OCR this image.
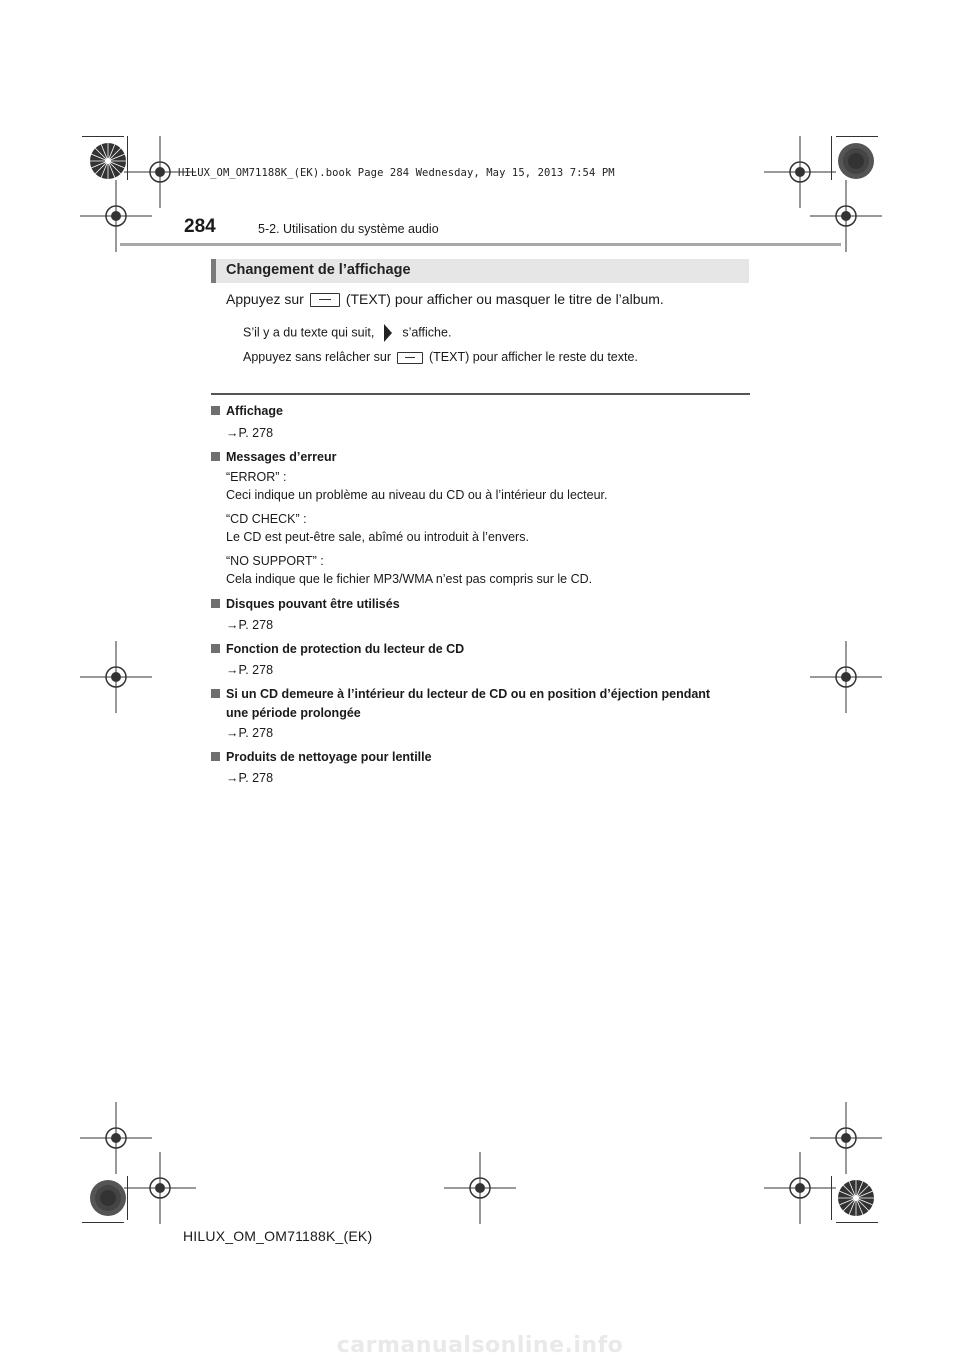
HILUX_OM_OM71188K_(EK).book Page 284 Wednesday, May 15, 2013 7:54 PM
284	5-2. Utilisation du système audio
Changement de l’affichage
Appuyez sur	(TEXT) pour afficher ou masquer le titre de l’album.
S’il y a du texte qui suit, s’affiche.
Appuyez sans relâcher sur	(TEXT) pour afficher le reste du texte.
Affichage
→P. 278
Messages d’erreur
“ERROR” :
Ceci indique un problème au niveau du CD ou à l’intérieur du lecteur.
“CD CHECK” :
Le CD est peut-être sale, abîmé ou introduit à l’envers.
“NO SUPPORT” :
Cela indique que le fichier MP3/WMA n’est pas compris sur le CD.
Disques pouvant être utilisés
→P. 278
Fonction de protection du lecteur de CD
→P. 278
Si un CD demeure à l’intérieur du lecteur de CD ou en position d’éjection pendant
une période prolongée
→P. 278
Produits de nettoyage pour lentille
→P. 278
HILUX_OM_OM71188K_(EK)
carmanualsonline.info
